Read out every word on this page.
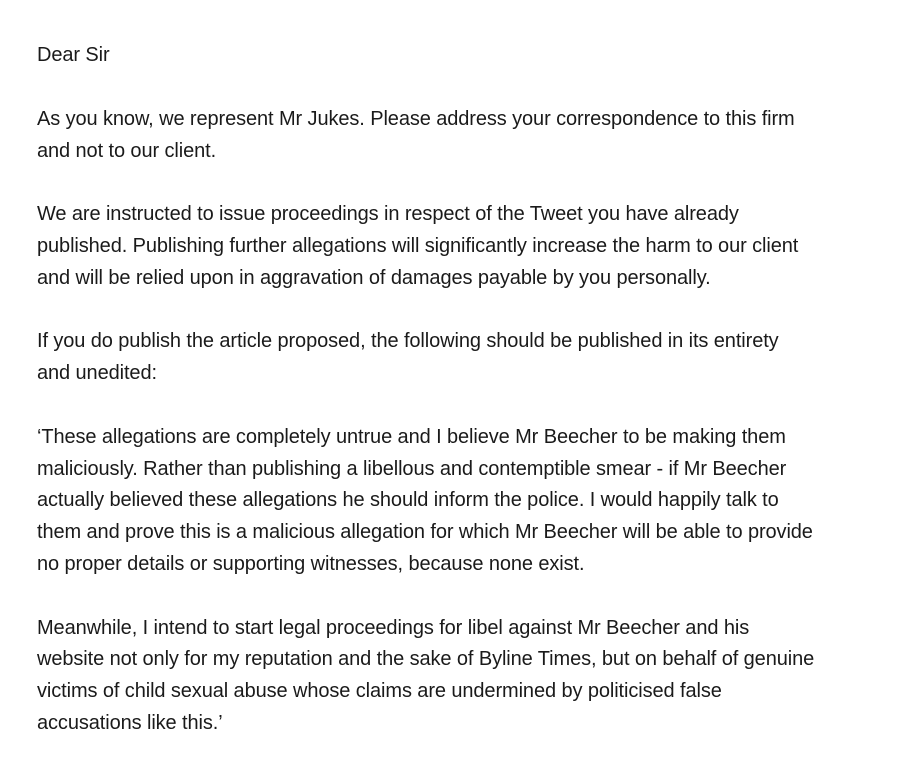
Dear Sir

As you know, we represent Mr Jukes. Please address your correspondence to this firm
and not to our client.

We are instructed to issue proceedings in respect of the Tweet you have already
published. Publishing further allegations will significantly increase the harm to our client
and will be relied upon in aggravation of damages payable by you personally.

If you do publish the article proposed, the following should be published in its entirety
and unedited:

‘These allegations are completely untrue and I believe Mr Beecher to be making them
maliciously. Rather than publishing a libellous and contemptible smear - if Mr Beecher
actually believed these allegations he should inform the police. I would happily talk to
them and prove this is a malicious allegation for which Mr Beecher will be able to provide
no proper details or supporting witnesses, because none exist.

Meanwhile, I intend to start legal proceedings for libel against Mr Beecher and his
website not only for my reputation and the sake of Byline Times, but on behalf of genuine
victims of child sexual abuse whose claims are undermined by politicised false
accusations like this.’
